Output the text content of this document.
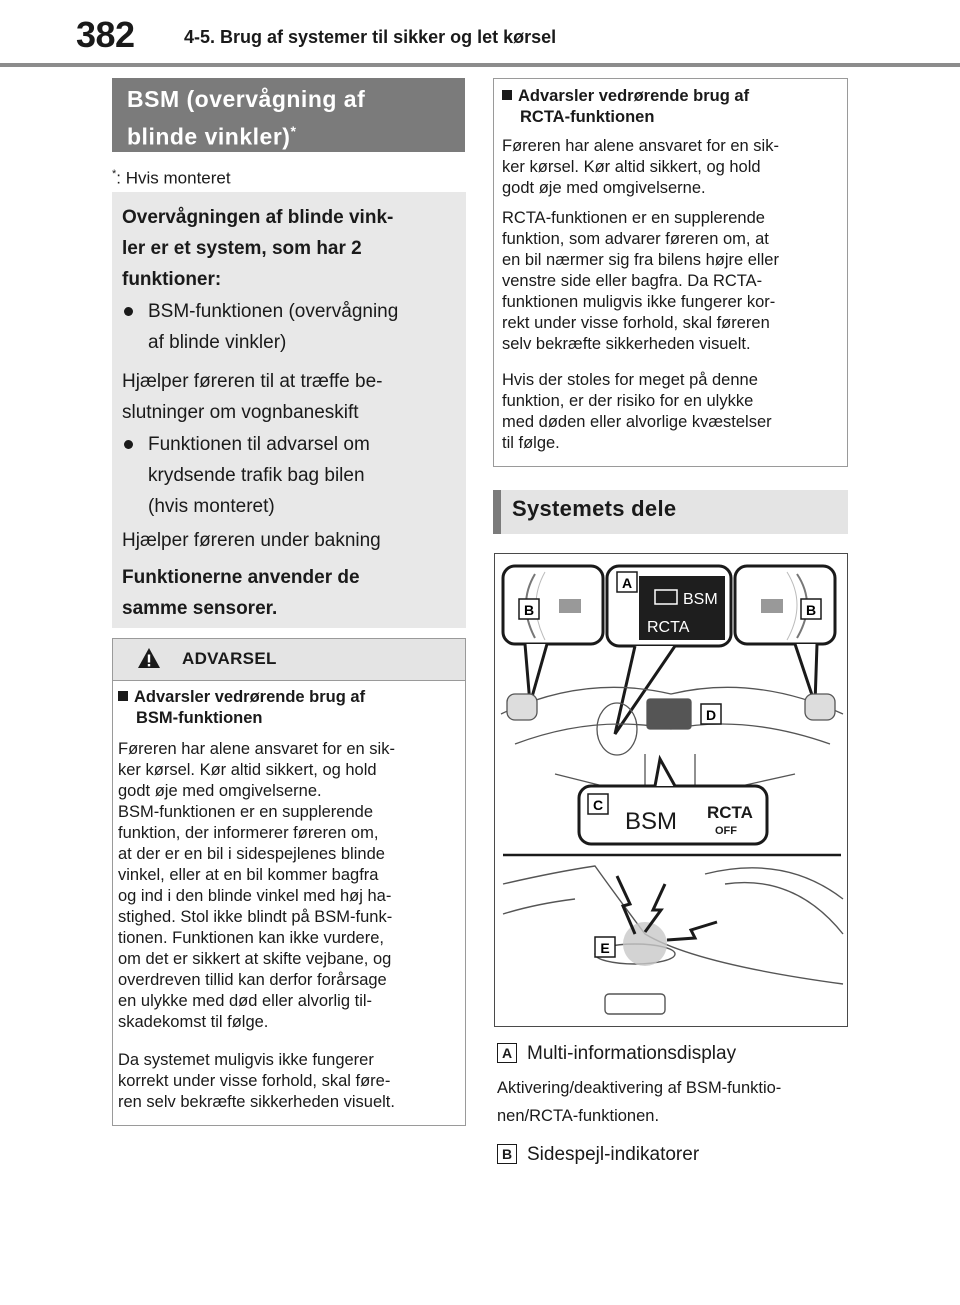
382	4-5. Brug af systemer til sikker og let kørsel
BSM (overvågning af
blinde vinkler)*
*: Hvis monteret
Overvågningen af blinde vink-
ler er et system, som har 2
funktioner:
BSM-funktionen (overvågning
af blinde vinkler)
Hjælper føreren til at træffe be-
slutninger om vognbaneskift
Funktionen til advarsel om
krydsende trafik bag bilen
(hvis monteret)
Hjælper føreren under bakning
Funktionerne anvender de
samme sensorer.
ADVARSEL
Advarsler vedrørende brug af
BSM-funktionen
Føreren har alene ansvaret for en sik-
ker kørsel. Kør altid sikkert, og hold
godt øje med omgivelserne.
BSM-funktionen er en supplerende
funktion, der informerer føreren om,
at der er en bil i sidespejlenes blinde
vinkel, eller at en bil kommer bagfra
og ind i den blinde vinkel med høj ha-
stighed. Stol ikke blindt på BSM-funk-
tionen. Funktionen kan ikke vurdere,
om det er sikkert at skifte vejbane, og
overdreven tillid kan derfor forårsage
en ulykke med død eller alvorlig til-
skadekomst til følge.
Da systemet muligvis ikke fungerer
korrekt under visse forhold, skal føre-
ren selv bekræfte sikkerheden visuelt.
Advarsler vedrørende brug af
RCTA-funktionen
Føreren har alene ansvaret for en sik-
ker kørsel. Kør altid sikkert, og hold
godt øje med omgivelserne.
RCTA-funktionen er en supplerende
funktion, som advarer føreren om, at
en bil nærmer sig fra bilens højre eller
venstre side eller bagfra. Da RCTA-
funktionen muligvis ikke fungerer kor-
rekt under visse forhold, skal føreren
selv bekræfte sikkerheden visuelt.
Hvis der stoles for meget på denne
funktion, er der risiko for en ulykke
med døden eller alvorlige kvæstelser
til følge.
Systemets dele
BSM
RCTA
BSM RCTA
OFF
B	B
A
D
C
E
A Multi-informationsdisplay
Aktivering/deaktivering af BSM-funktio-
nen/RCTA-funktionen.
B Sidespejl-indikatorer
